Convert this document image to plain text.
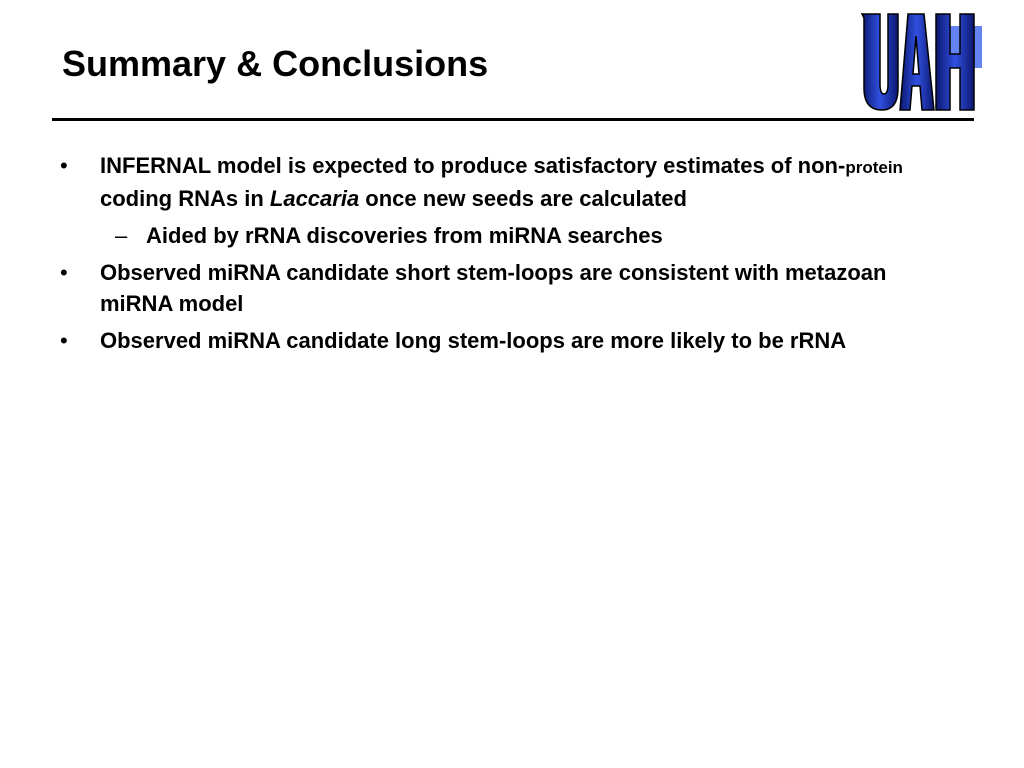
Summary & Conclusions
• INFERNAL model is expected to produce satisfactory estimates of non-protein coding RNAs in Laccaria once new seeds are calculated
– Aided by rRNA discoveries from miRNA searches
• Observed miRNA candidate short stem-loops are consistent with metazoan miRNA model
• Observed miRNA candidate long stem-loops are more likely to be rRNA
